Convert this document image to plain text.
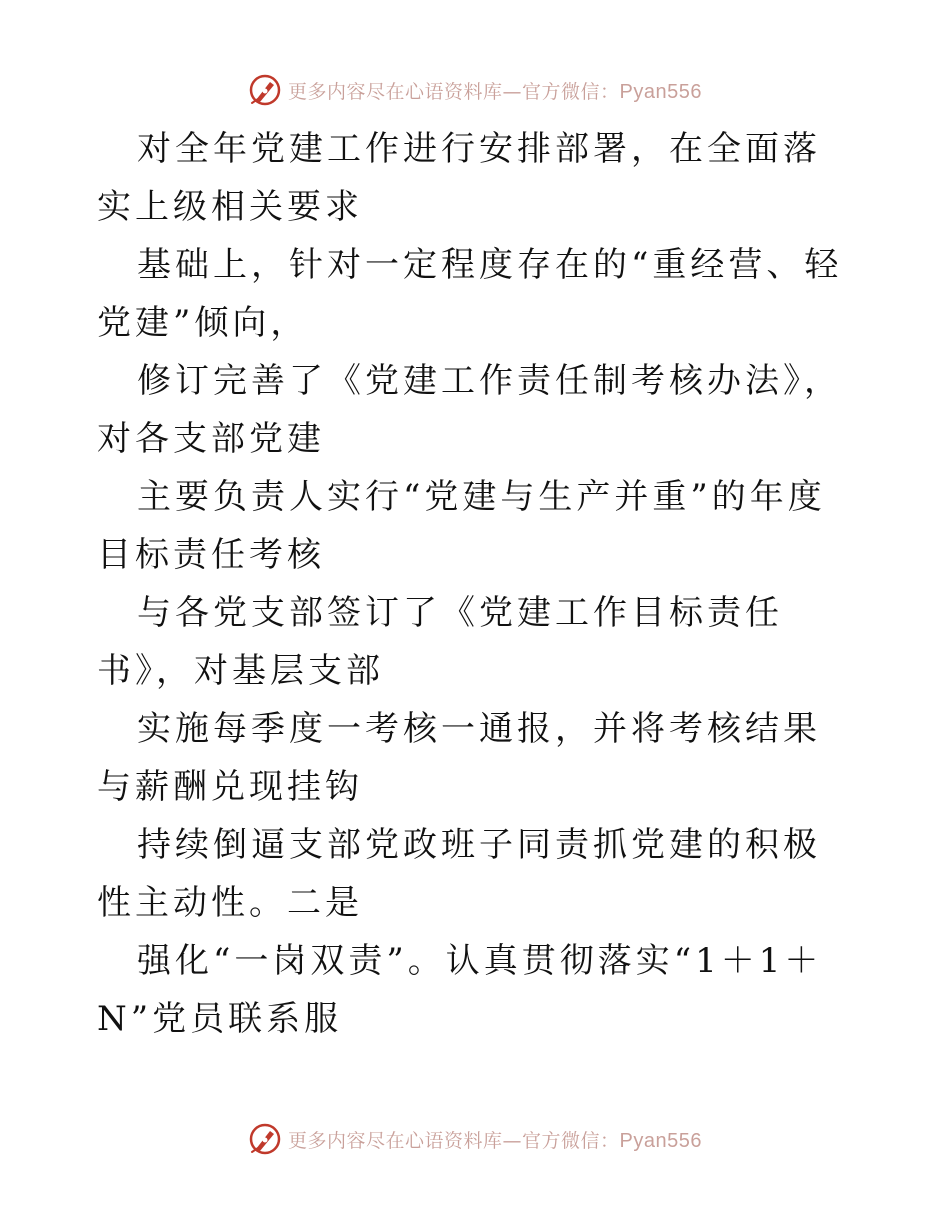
更多内容尽在心语资料库—官方微信：Pyan556

对全年党建工作进行安排部署，在全面落实上级相关要求

基础上，针对一定程度存在的“重经营、轻党建”倾向，

修订完善了《党建工作责任制考核办法》，对各支部党建

主要负责人实行“党建与生产并重”的年度目标责任考核

与各党支部签订了《党建工作目标责任书》，对基层支部

实施每季度一考核一通报，并将考核结果与薪酬兑现挂钩

持续倒逼支部党政班子同责抓党建的积极性主动性。二是

强化“一岗双责”。认真贯彻落实“1＋1＋N”党员联系服

更多内容尽在心语资料库—官方微信：Pyan556
